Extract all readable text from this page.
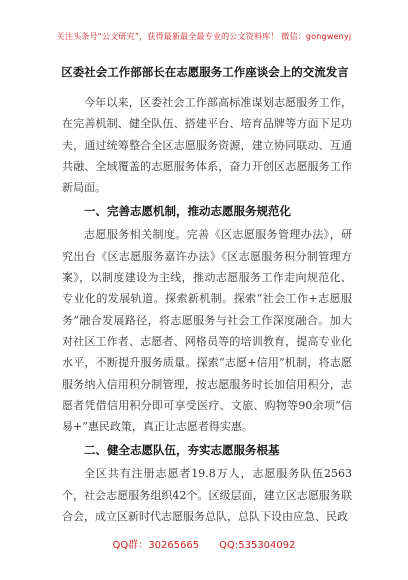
关注头条号“公文研究”，获得最新最全最专业的公文资料库！ 微信：gongwenyj
区委社会工作部部长在志愿服务工作座谈会上的交流发言

今年以来，区委社会工作部高标准谋划志愿服务工作，在完善机制、健全队伍、搭建平台、培育品牌等方面下足功夫，通过统筹整合全区志愿服务资源，建立协同联动、互通共融、全域覆盖的志愿服务体系，奋力开创区志愿服务工作新局面。

一、完善志愿机制，推动志愿服务规范化

志愿服务相关制度。完善《区志愿服务管理办法》，研究出台《区志愿服务嘉许办法》《区志愿服务积分制管理方案》，以制度建设为主线，推动志愿服务工作走向规范化、专业化的发展轨道。探索新机制。探索“社会工作+志愿服务”融合发展路径，将志愿服务与社会工作深度融合。加大对社区工作者、志愿者、网格员等的培训教育，提高专业化水平，不断提升服务质量。探索“志愿+信用”机制，将志愿服务纳入信用积分制管理，按志愿服务时长加信用积分，志愿者凭借信用积分即可享受医疗、文旅、购物等90余项“信易+”惠民政策，真正让志愿者得实惠。

二、健全志愿队伍，夯实志愿服务根基

全区共有注册志愿者19.8万人，志愿服务队伍2563个，社会志愿服务组织42个。区级层面，建立区志愿服务联合会，成立区新时代志愿服务总队，总队下设由应急、民政

QQ群：30265665　　QQ:535304092
